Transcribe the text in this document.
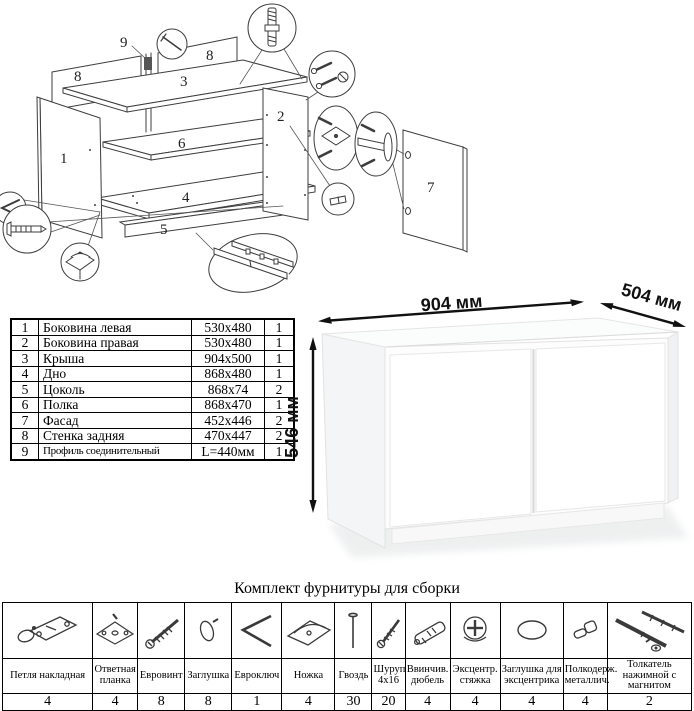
1
2
3
4
5
6
7
8
8
9
1	Боковина левая	530x480	1
2	Боковина правая	530x480	1
3	Крыша	904x500	1
4	Дно	868x480	1
5	Цоколь	868x74	2
6	Полка	868x470	1
7	Фасад	452x446	2
8	Стенка задняя	470x447	2
9	Профиль соединительный	L=440мм	1
904 мм	504 мм
546 мм
Комплект фурнитуры для сборки

Петля накладная	Ответная планка	Евровинт	Заглушка	Евроключ	Ножка	Гвоздь	Шуруп 4x16	Ввинчив. дюбель	Эксцентр. стяжка	Заглушка для эксцентрика	Полкодерж. металлич.	Толкатель нажимной с магнитом
4	4	8	8	1	4	30	20	4	4	4	4	2
